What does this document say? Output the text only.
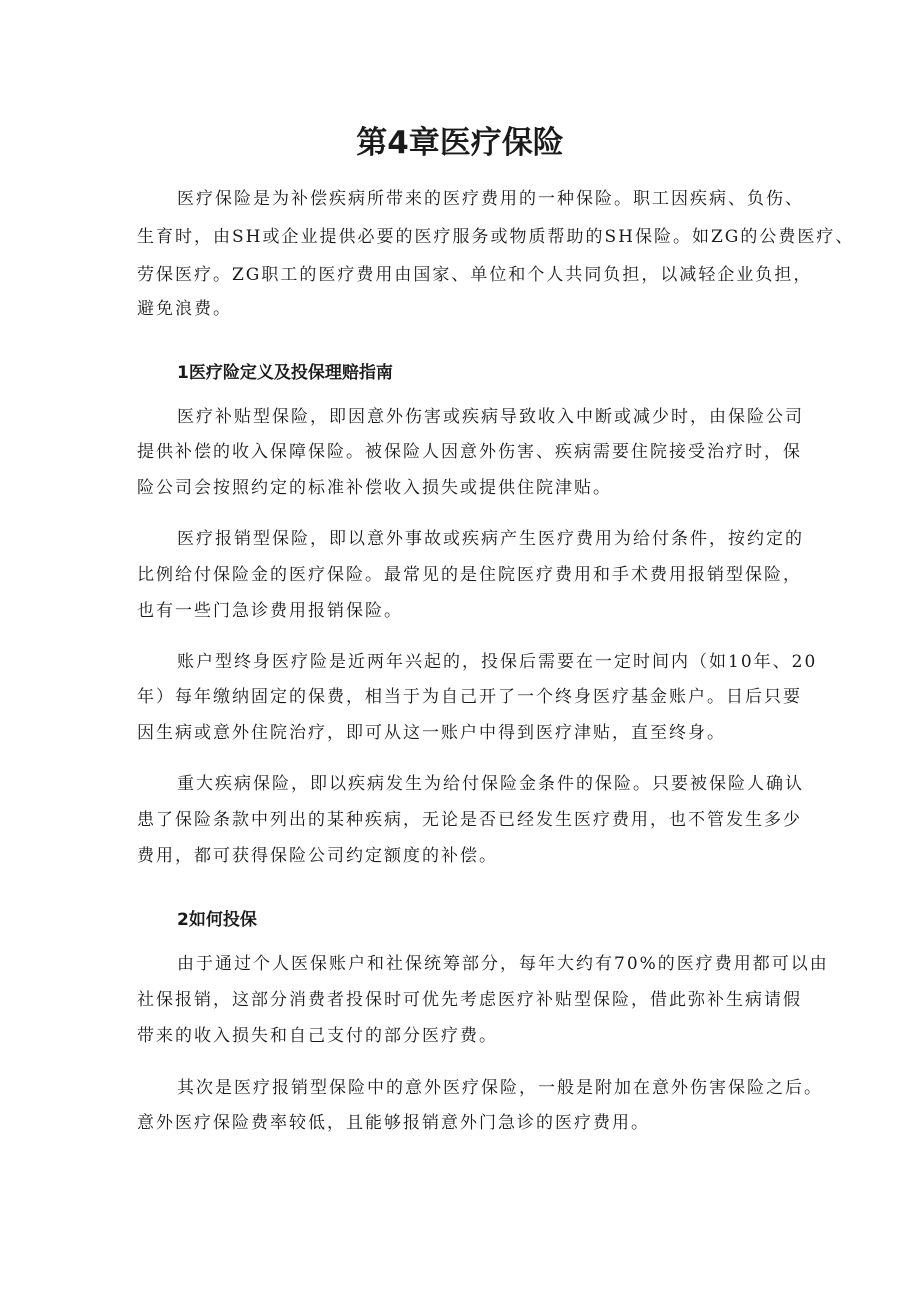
第4章医疗保险
医疗保险是为补偿疾病所带来的医疗费用的一种保险。职工因疾病、负伤、
生育时，由SH或企业提供必要的医疗服务或物质帮助的SH保险。如ZG的公费医疗、
劳保医疗。ZG职工的医疗费用由国家、单位和个人共同负担，以减轻企业负担，
避免浪费。
1医疗险定义及投保理赔指南
医疗补贴型保险，即因意外伤害或疾病导致收入中断或减少时，由保险公司
提供补偿的收入保障保险。被保险人因意外伤害、疾病需要住院接受治疗时，保
险公司会按照约定的标准补偿收入损失或提供住院津贴。
医疗报销型保险，即以意外事故或疾病产生医疗费用为给付条件，按约定的
比例给付保险金的医疗保险。最常见的是住院医疗费用和手术费用报销型保险，
也有一些门急诊费用报销保险。
账户型终身医疗险是近两年兴起的，投保后需要在一定时间内（如10年、20
年）每年缴纳固定的保费，相当于为自己开了一个终身医疗基金账户。日后只要
因生病或意外住院治疗，即可从这一账户中得到医疗津贴，直至终身。
重大疾病保险，即以疾病发生为给付保险金条件的保险。只要被保险人确认
患了保险条款中列出的某种疾病，无论是否已经发生医疗费用，也不管发生多少
费用，都可获得保险公司约定额度的补偿。
2如何投保
由于通过个人医保账户和社保统筹部分，每年大约有70%的医疗费用都可以由
社保报销，这部分消费者投保时可优先考虑医疗补贴型保险，借此弥补生病请假
带来的收入损失和自己支付的部分医疗费。
其次是医疗报销型保险中的意外医疗保险，一般是附加在意外伤害保险之后。
意外医疗保险费率较低，且能够报销意外门急诊的医疗费用。
